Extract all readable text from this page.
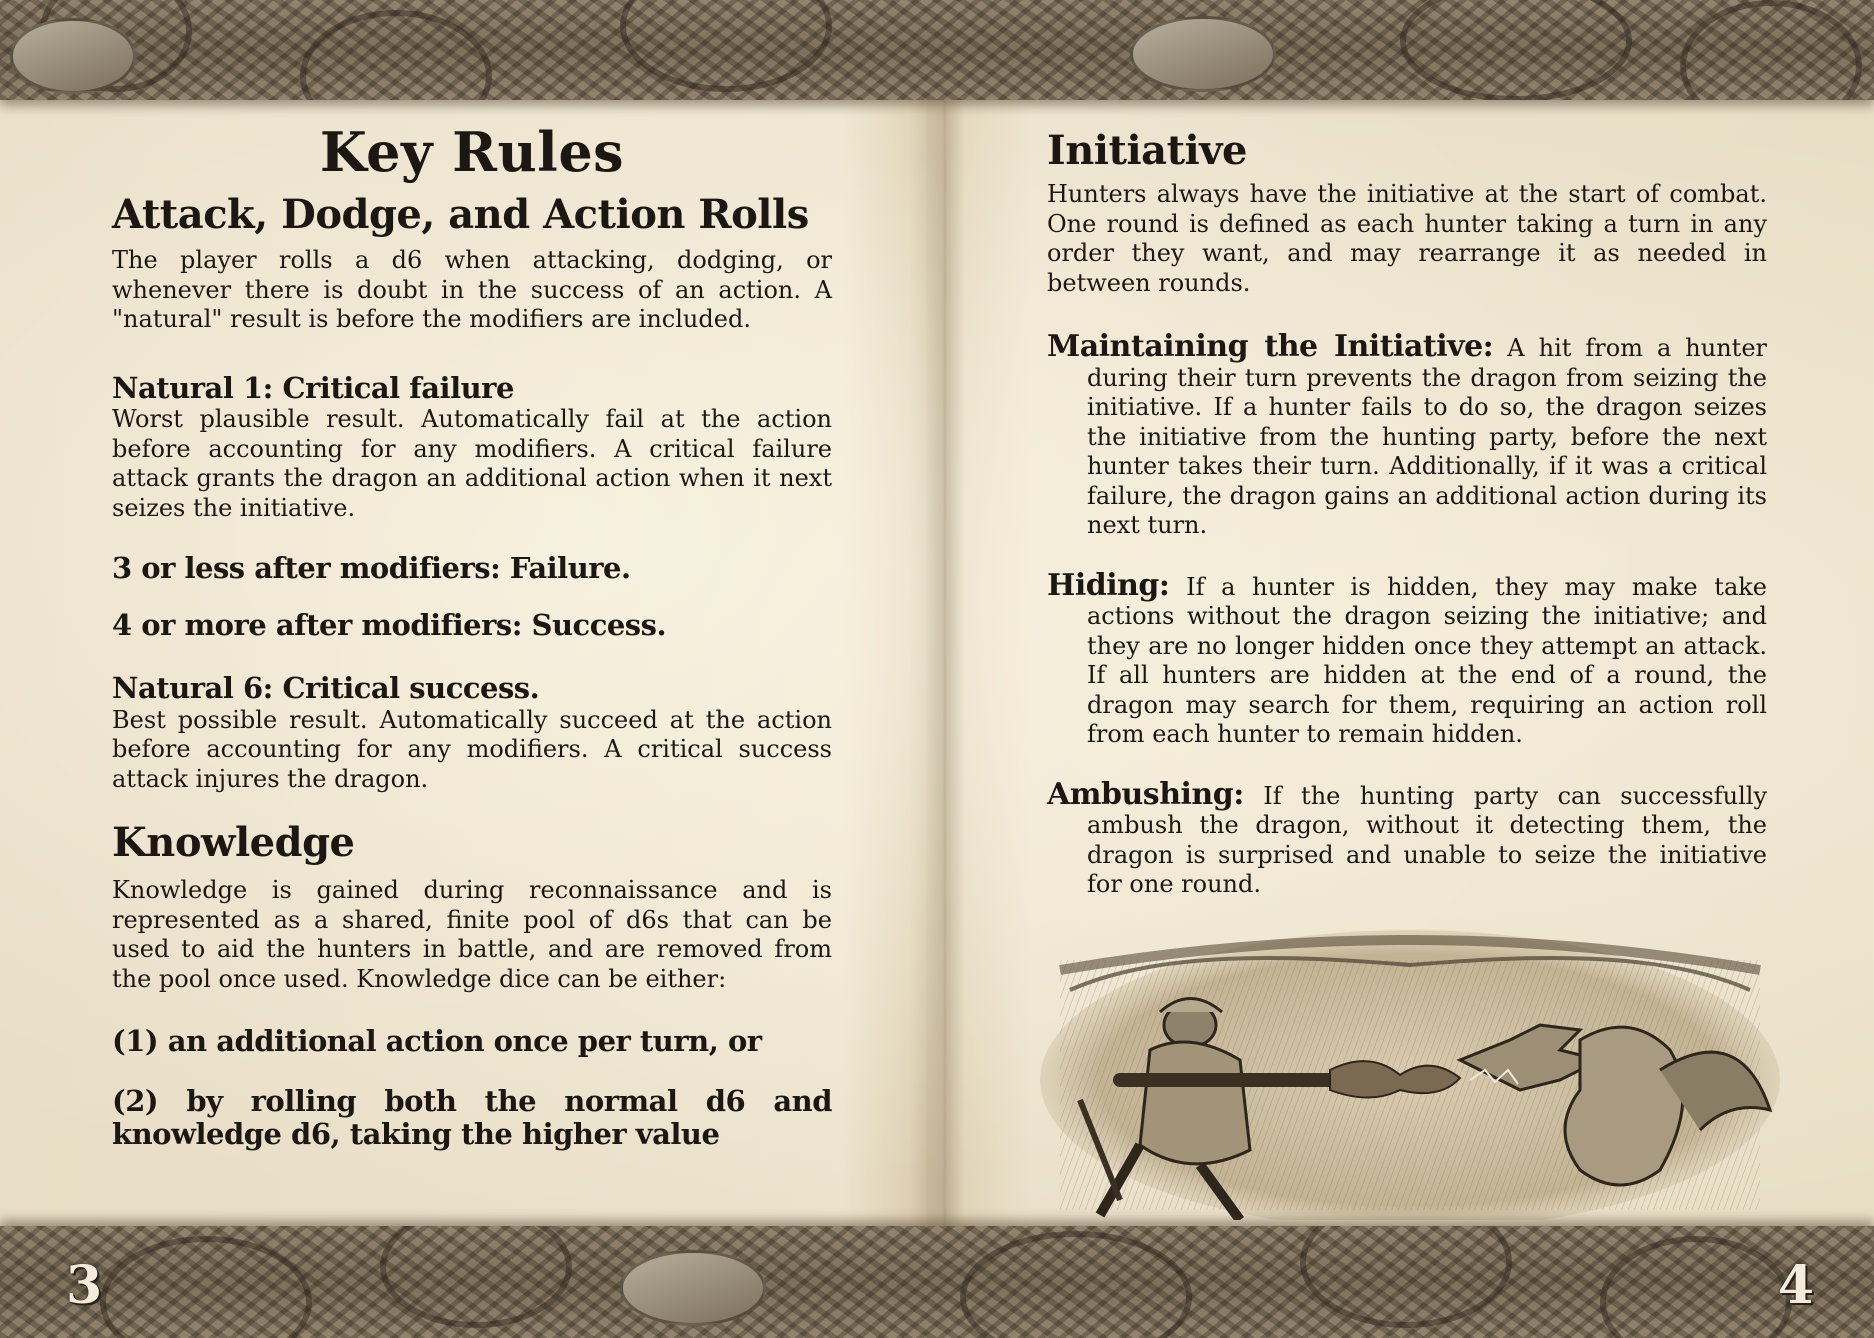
Key Rules
Attack, Dodge, and Action Rolls

The player rolls a d6 when attacking, dodging, or whenever there is doubt in the success of an action. A "natural" result is before the modifiers are included.

Natural 1: Critical failure

Worst plausible result. Automatically fail at the action before accounting for any modifiers. A critical failure attack grants the dragon an additional action when it next seizes the initiative.

3 or less after modifiers: Failure.
4 or more after modifiers: Success.
Natural 6: Critical success.

Best possible result. Automatically succeed at the action before accounting for any modifiers. A critical success attack injures the dragon.

Knowledge

Knowledge is gained during reconnaissance and is represented as a shared, finite pool of d6s that can be used to aid the hunters in battle, and are removed from the pool once used. Knowledge dice can be either:

(1) an additional action once per turn, or
(2) by rolling both the normal d6 and knowledge d6, taking the higher value
Initiative

Hunters always have the initiative at the start of combat. One round is defined as each hunter taking a turn in any order they want, and may rearrange it as needed in between rounds.

Maintaining the Initiative: A hit from a hunter during their turn prevents the dragon from seizing the initiative. If a hunter fails to do so, the dragon seizes the initiative from the hunting party, before the next hunter takes their turn. Additionally, if it was a critical failure, the dragon gains an additional action during its next turn.

Hiding: If a hunter is hidden, they may make take actions without the dragon seizing the initiative; and they are no longer hidden once they attempt an attack. If all hunters are hidden at the end of a round, the dragon may search for them, requiring an action roll from each hunter to remain hidden.

Ambushing: If the hunting party can successfully ambush the dragon, without it detecting them, the dragon is surprised and unable to seize the initiative for one round.

3	4
